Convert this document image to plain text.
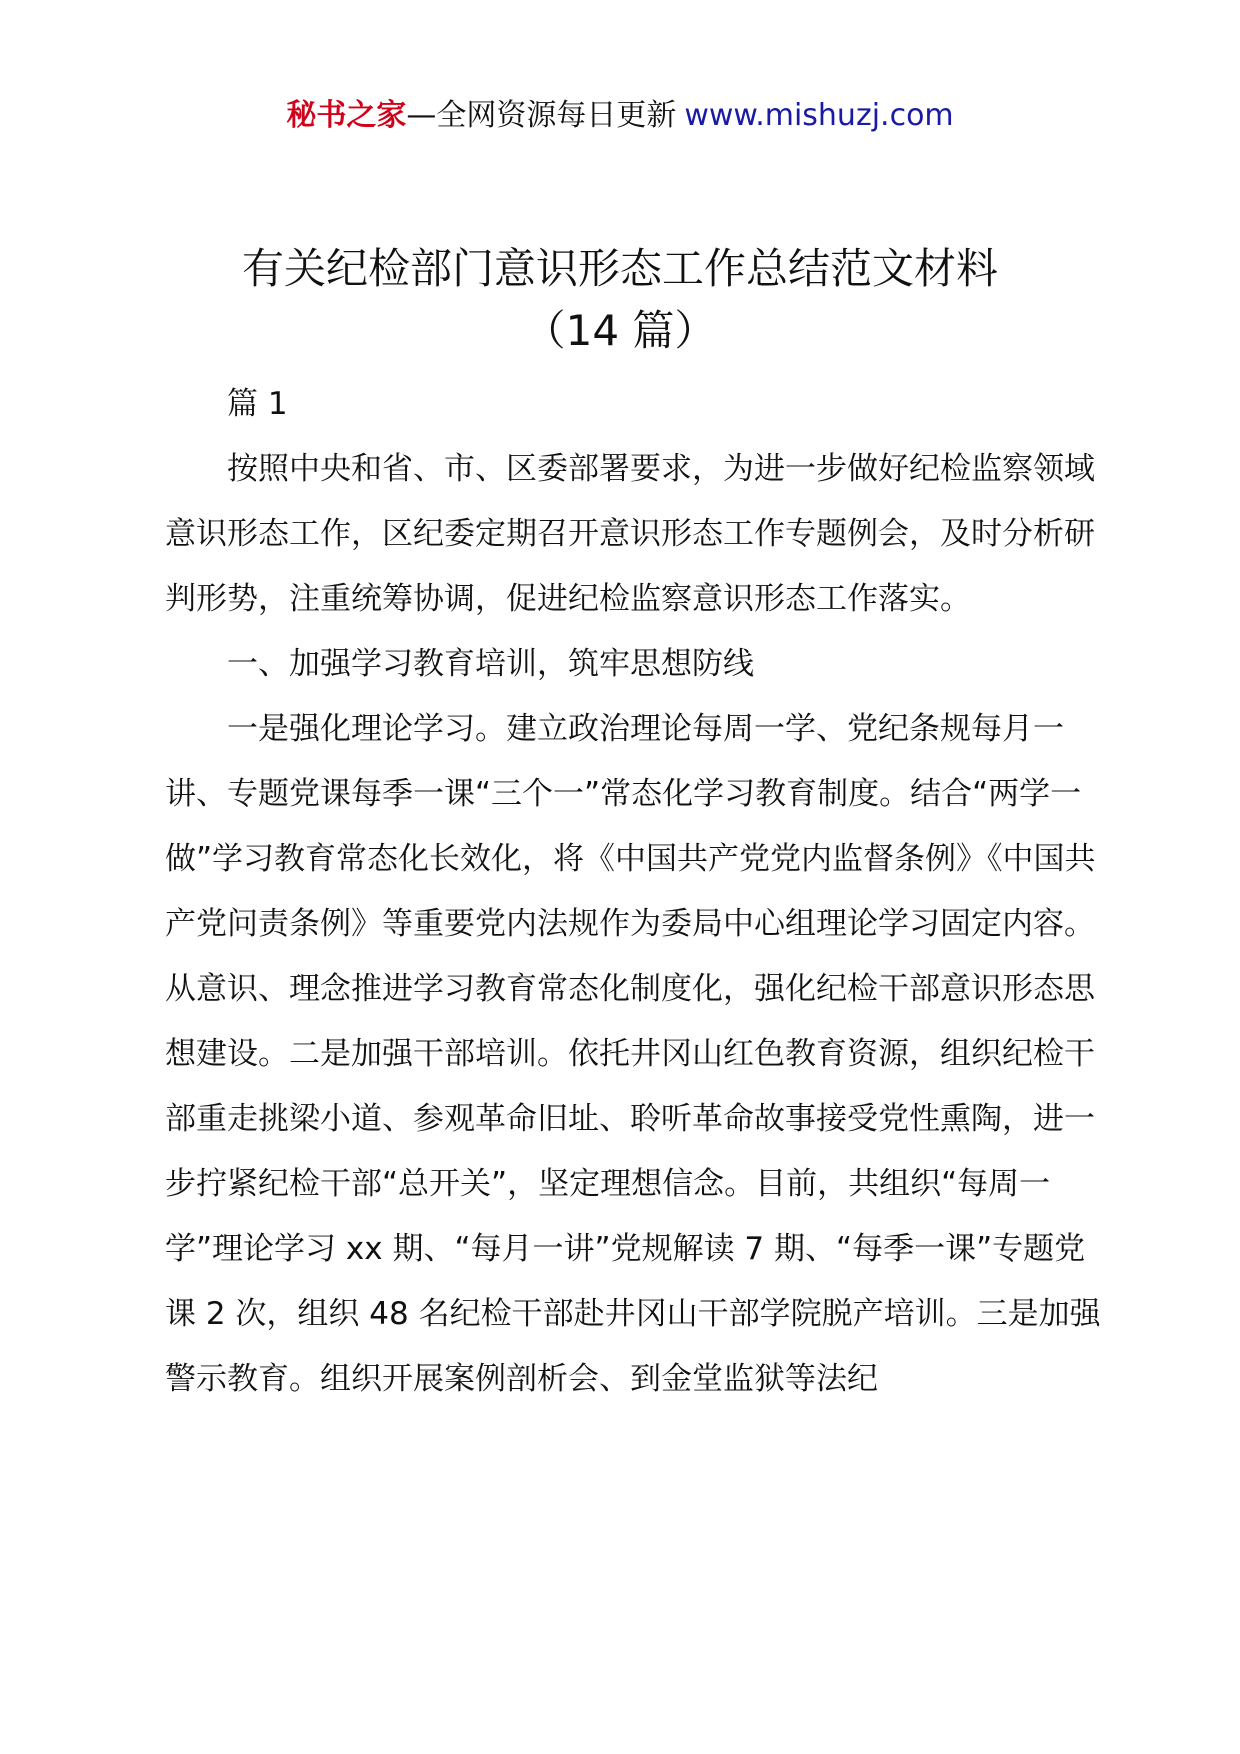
秘书之家—全网资源每日更新 www.mishuzj.com
有关纪检部门意识形态工作总结范文材料
（14 篇）

篇 1

按照中央和省、市、区委部署要求，为进一步做好纪检监察领域意识形态工作，区纪委定期召开意识形态工作专题例会，及时分析研判形势，注重统筹协调，促进纪检监察意识形态工作落实。

一、加强学习教育培训，筑牢思想防线

一是强化理论学习。建立政治理论每周一学、党纪条规每月一讲、专题党课每季一课“三个一”常态化学习教育制度。结合“两学一做”学习教育常态化长效化，将《中国共产党党内监督条例》《中国共产党问责条例》等重要党内法规作为委局中心组理论学习固定内容。从意识、理念推进学习教育常态化制度化，强化纪检干部意识形态思想建设。二是加强干部培训。依托井冈山红色教育资源，组织纪检干部重走挑梁小道、参观革命旧址、聆听革命故事接受党性熏陶，进一步拧紧纪检干部“总开关”，坚定理想信念。目前，共组织“每周一学”理论学习 xx 期、“每月一讲”党规解读 7 期、“每季一课”专题党课 2 次，组织 48 名纪检干部赴井冈山干部学院脱产培训。三是加强警示教育。组织开展案例剖析会、到金堂监狱等法纪
